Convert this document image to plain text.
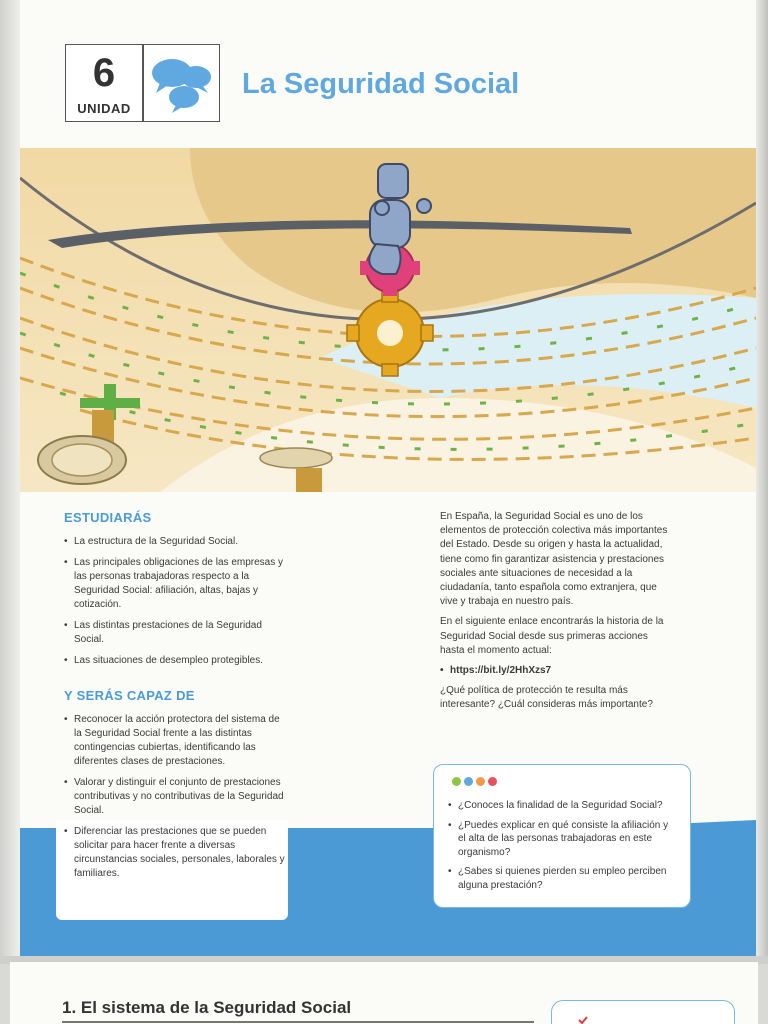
6
UNIDAD
La Seguridad Social
ESTUDIARÁS
• La estructura de la Seguridad Social.
• Las principales obligaciones de las empresas y las personas trabajadoras respecto a la Seguridad Social: afiliación, altas, bajas y cotización.
• Las distintas prestaciones de la Seguridad Social.
• Las situaciones de desempleo protegibles.
Y SERÁS CAPAZ DE
• Reconocer la acción protectora del sistema de la Seguridad Social frente a las distintas contingencias cubiertas, identificando las diferentes clases de prestaciones.
• Valorar y distinguir el conjunto de prestaciones contributivas y no contributivas de la Seguridad Social.
• Diferenciar las prestaciones que se pueden solicitar para hacer frente a diversas circunstancias sociales, personales, laborales y familiares.

En España, la Seguridad Social es uno de los elementos de protección colectiva más importantes del Estado. Desde su origen y hasta la actualidad, tiene como fin garantizar asistencia y prestaciones sociales ante situaciones de necesidad a la ciudadanía, tanto española como extranjera, que vive y trabaja en nuestro país.

En el siguiente enlace encontrarás la historia de la Seguridad Social desde sus primeras acciones hasta el momento actual:

• https://bit.ly/2HhXzs7

¿Qué política de protección te resulta más interesante? ¿Cuál consideras más importante?

• ¿Conoces la finalidad de la Seguridad Social?
• ¿Puedes explicar en qué consiste la afiliación y el alta de las personas trabajadoras en este organismo?
• ¿Sabes si quienes pierden su empleo perciben alguna prestación?
1. El sistema de la Seguridad Social
